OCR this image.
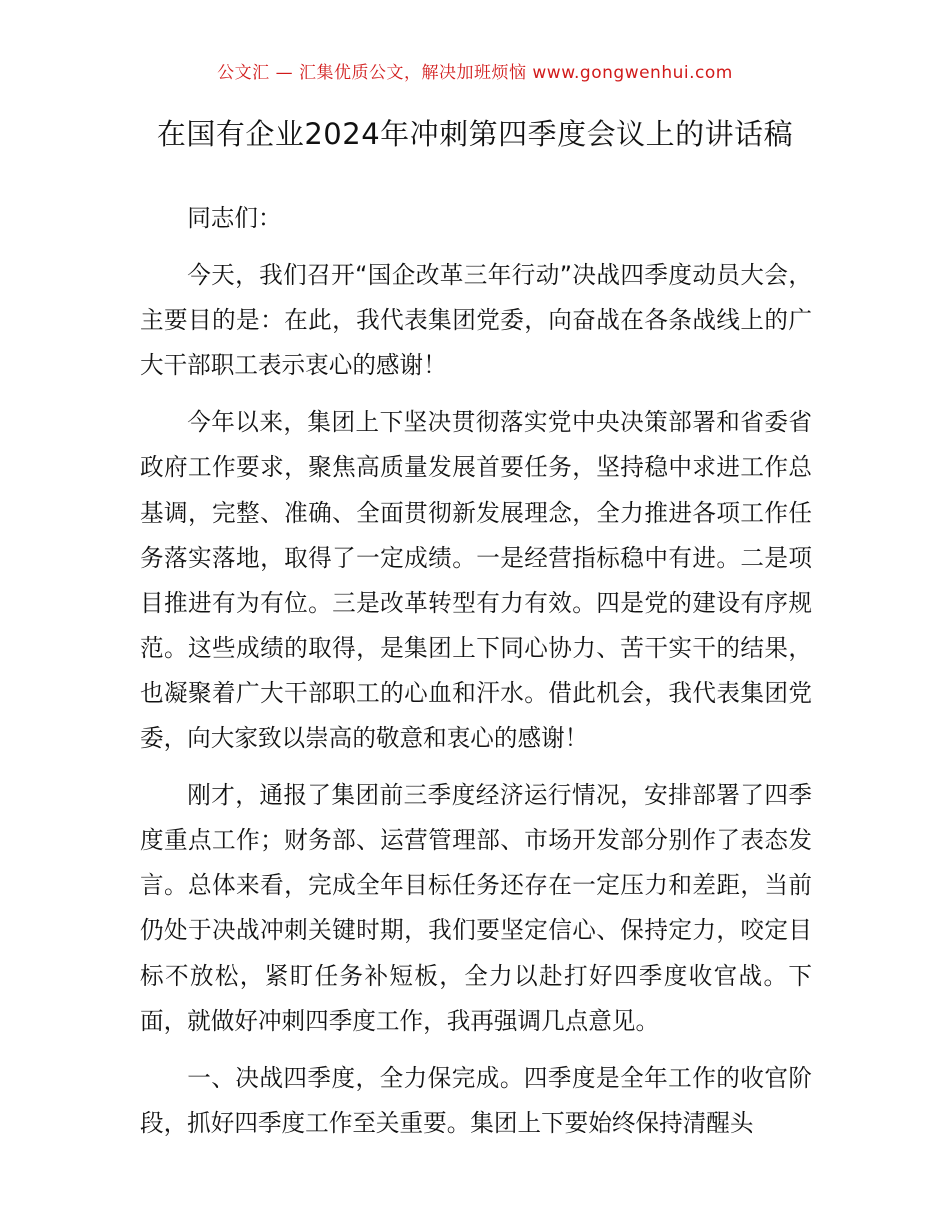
公文汇 — 汇集优质公文，解决加班烦恼 www.gongwenhui.com
在国有企业2024年冲刺第四季度会议上的讲话稿

同志们：

今天，我们召开“国企改革三年行动”决战四季度动员大会，主要目的是：在此，我代表集团党委，向奋战在各条战线上的广大干部职工表示衷心的感谢！

今年以来，集团上下坚决贯彻落实党中央决策部署和省委省政府工作要求，聚焦高质量发展首要任务，坚持稳中求进工作总基调，完整、准确、全面贯彻新发展理念，全力推进各项工作任务落实落地，取得了一定成绩。一是经营指标稳中有进。二是项目推进有为有位。三是改革转型有力有效。四是党的建设有序规范。这些成绩的取得，是集团上下同心协力、苦干实干的结果，也凝聚着广大干部职工的心血和汗水。借此机会，我代表集团党委，向大家致以崇高的敬意和衷心的感谢！

刚才，通报了集团前三季度经济运行情况，安排部署了四季度重点工作；财务部、运营管理部、市场开发部分别作了表态发言。总体来看，完成全年目标任务还存在一定压力和差距，当前仍处于决战冲刺关键时期，我们要坚定信心、保持定力，咬定目标不放松，紧盯任务补短板，全力以赴打好四季度收官战。下面，就做好冲刺四季度工作，我再强调几点意见。

一、决战四季度，全力保完成。四季度是全年工作的收官阶段，抓好四季度工作至关重要。集团上下要始终保持清醒头
